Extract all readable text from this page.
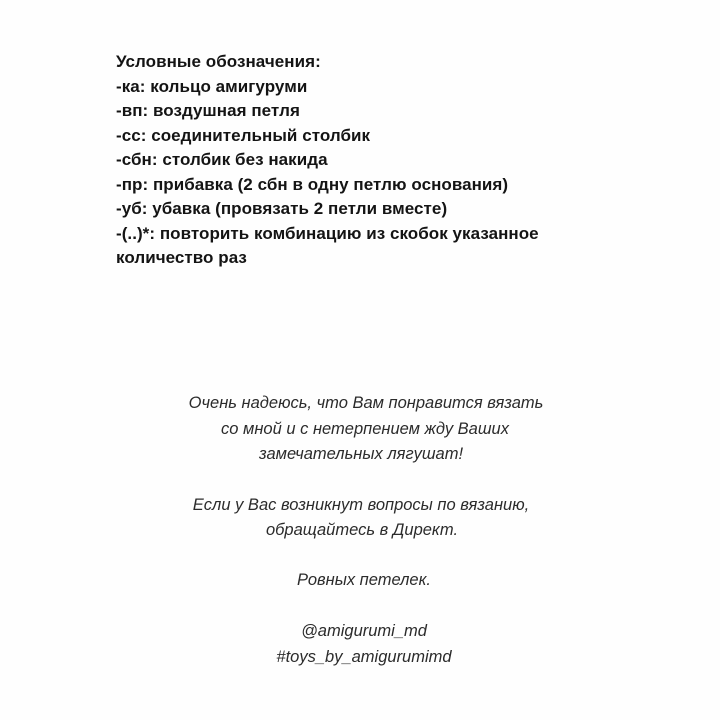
Условные обозначения:
-ка: кольцо амигуруми
-вп: воздушная петля
-сс: соединительный столбик
-сбн: столбик без накида
-пр: прибавка (2 сбн в одну петлю основания)
-уб: убавка (провязать 2 петли вместе)
-(..)*: повторить комбинацию из скобок указанное
количество раз

Очень надеюсь, что Вам понравится вязать

со мной и с нетерпением жду Ваших

замечательных лягушат!

Если у Вас возникнут вопросы по вязанию,

обращайтесь в Директ.

Ровных петелек.

@amigurumi_md

#toys_by_amigurumimd
